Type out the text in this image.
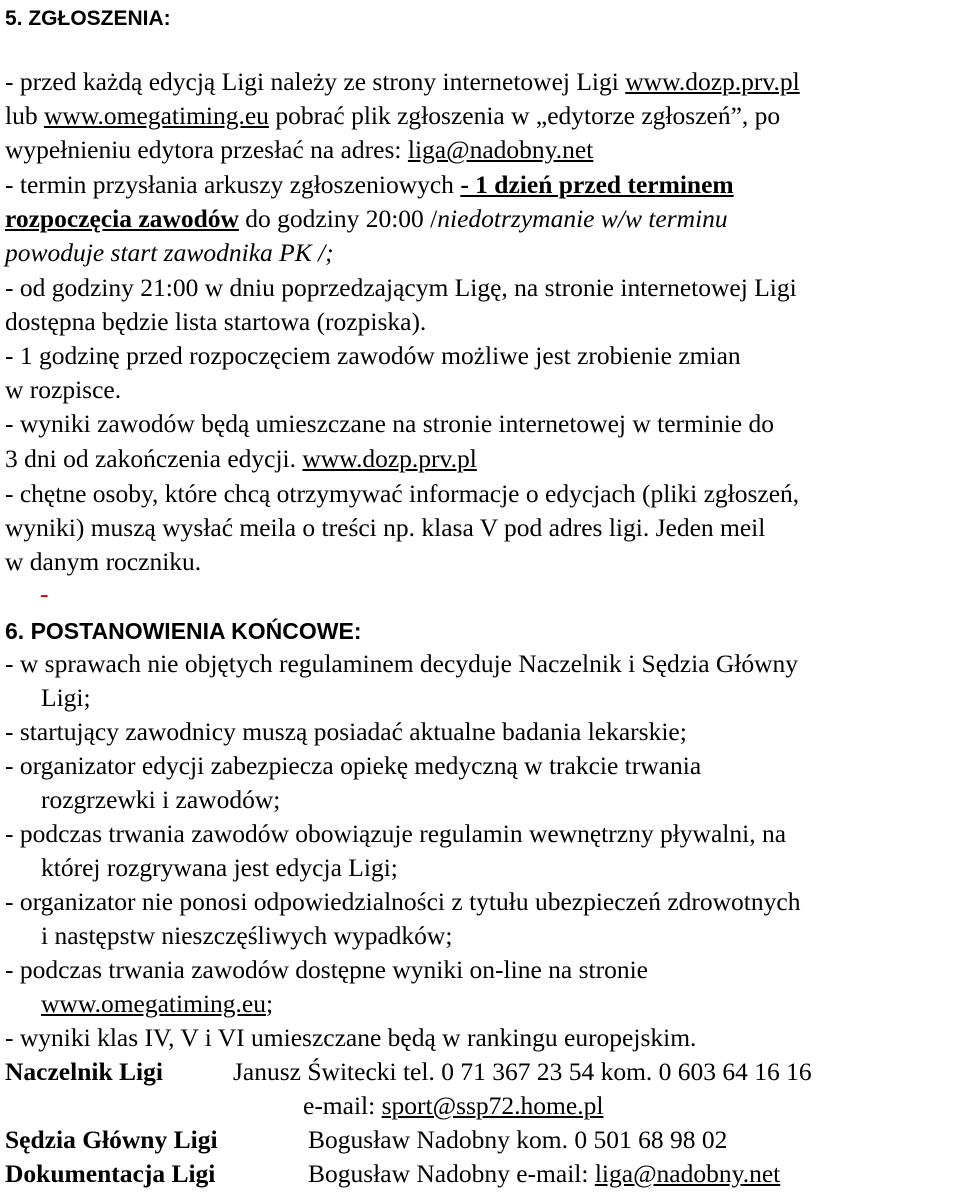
5. ZGŁOSZENIA:
- przed każdą edycją Ligi należy ze strony internetowej Ligi www.dozp.prv.pl
lub www.omegatiming.eu pobrać plik zgłoszenia w „edytorze zgłoszeń”, po
wypełnieniu edytora przesłać na adres: liga@nadobny.net
- termin przysłania arkuszy zgłoszeniowych - 1 dzień przed terminem
rozpoczęcia zawodów do godziny 20:00 /niedotrzymanie w/w terminu
powoduje start zawodnika PK /;
- od godziny 21:00 w dniu poprzedzającym Ligę, na stronie internetowej Ligi
dostępna będzie lista startowa (rozpiska).
- 1 godzinę przed rozpoczęciem zawodów możliwe jest zrobienie zmian
w rozpisce.
- wyniki zawodów będą umieszczane na stronie internetowej w terminie do
3 dni od zakończenia edycji. www.dozp.prv.pl
- chętne osoby, które chcą otrzymywać informacje o edycjach (pliki zgłoszeń,
wyniki) muszą wysłać meila o treści np. klasa V pod adres ligi. Jeden meil
w danym roczniku.
-
6. POSTANOWIENIA KOŃCOWE:
- w sprawach nie objętych regulaminem decyduje Naczelnik i Sędzia Główny
Ligi;
- startujący zawodnicy muszą posiadać aktualne badania lekarskie;
- organizator edycji zabezpiecza opiekę medyczną w trakcie trwania
rozgrzewki i zawodów;
- podczas trwania zawodów obowiązuje regulamin wewnętrzny pływalni, na
której rozgrywana jest edycja Ligi;
- organizator nie ponosi odpowiedzialności z tytułu ubezpieczeń zdrowotnych
i następstw nieszczęśliwych wypadków;
- podczas trwania zawodów dostępne wyniki on-line na stronie
www.omegatiming.eu;
- wyniki klas IV, V i VI umieszczane będą w rankingu europejskim.
Naczelnik Ligi	Janusz Świtecki tel. 0 71 367 23 54 kom. 0 603 64 16 16
e-mail: sport@ssp72.home.pl
Sędzia Główny Ligi	Bogusław Nadobny kom. 0 501 68 98 02
Dokumentacja Ligi	Bogusław Nadobny e-mail: liga@nadobny.net
